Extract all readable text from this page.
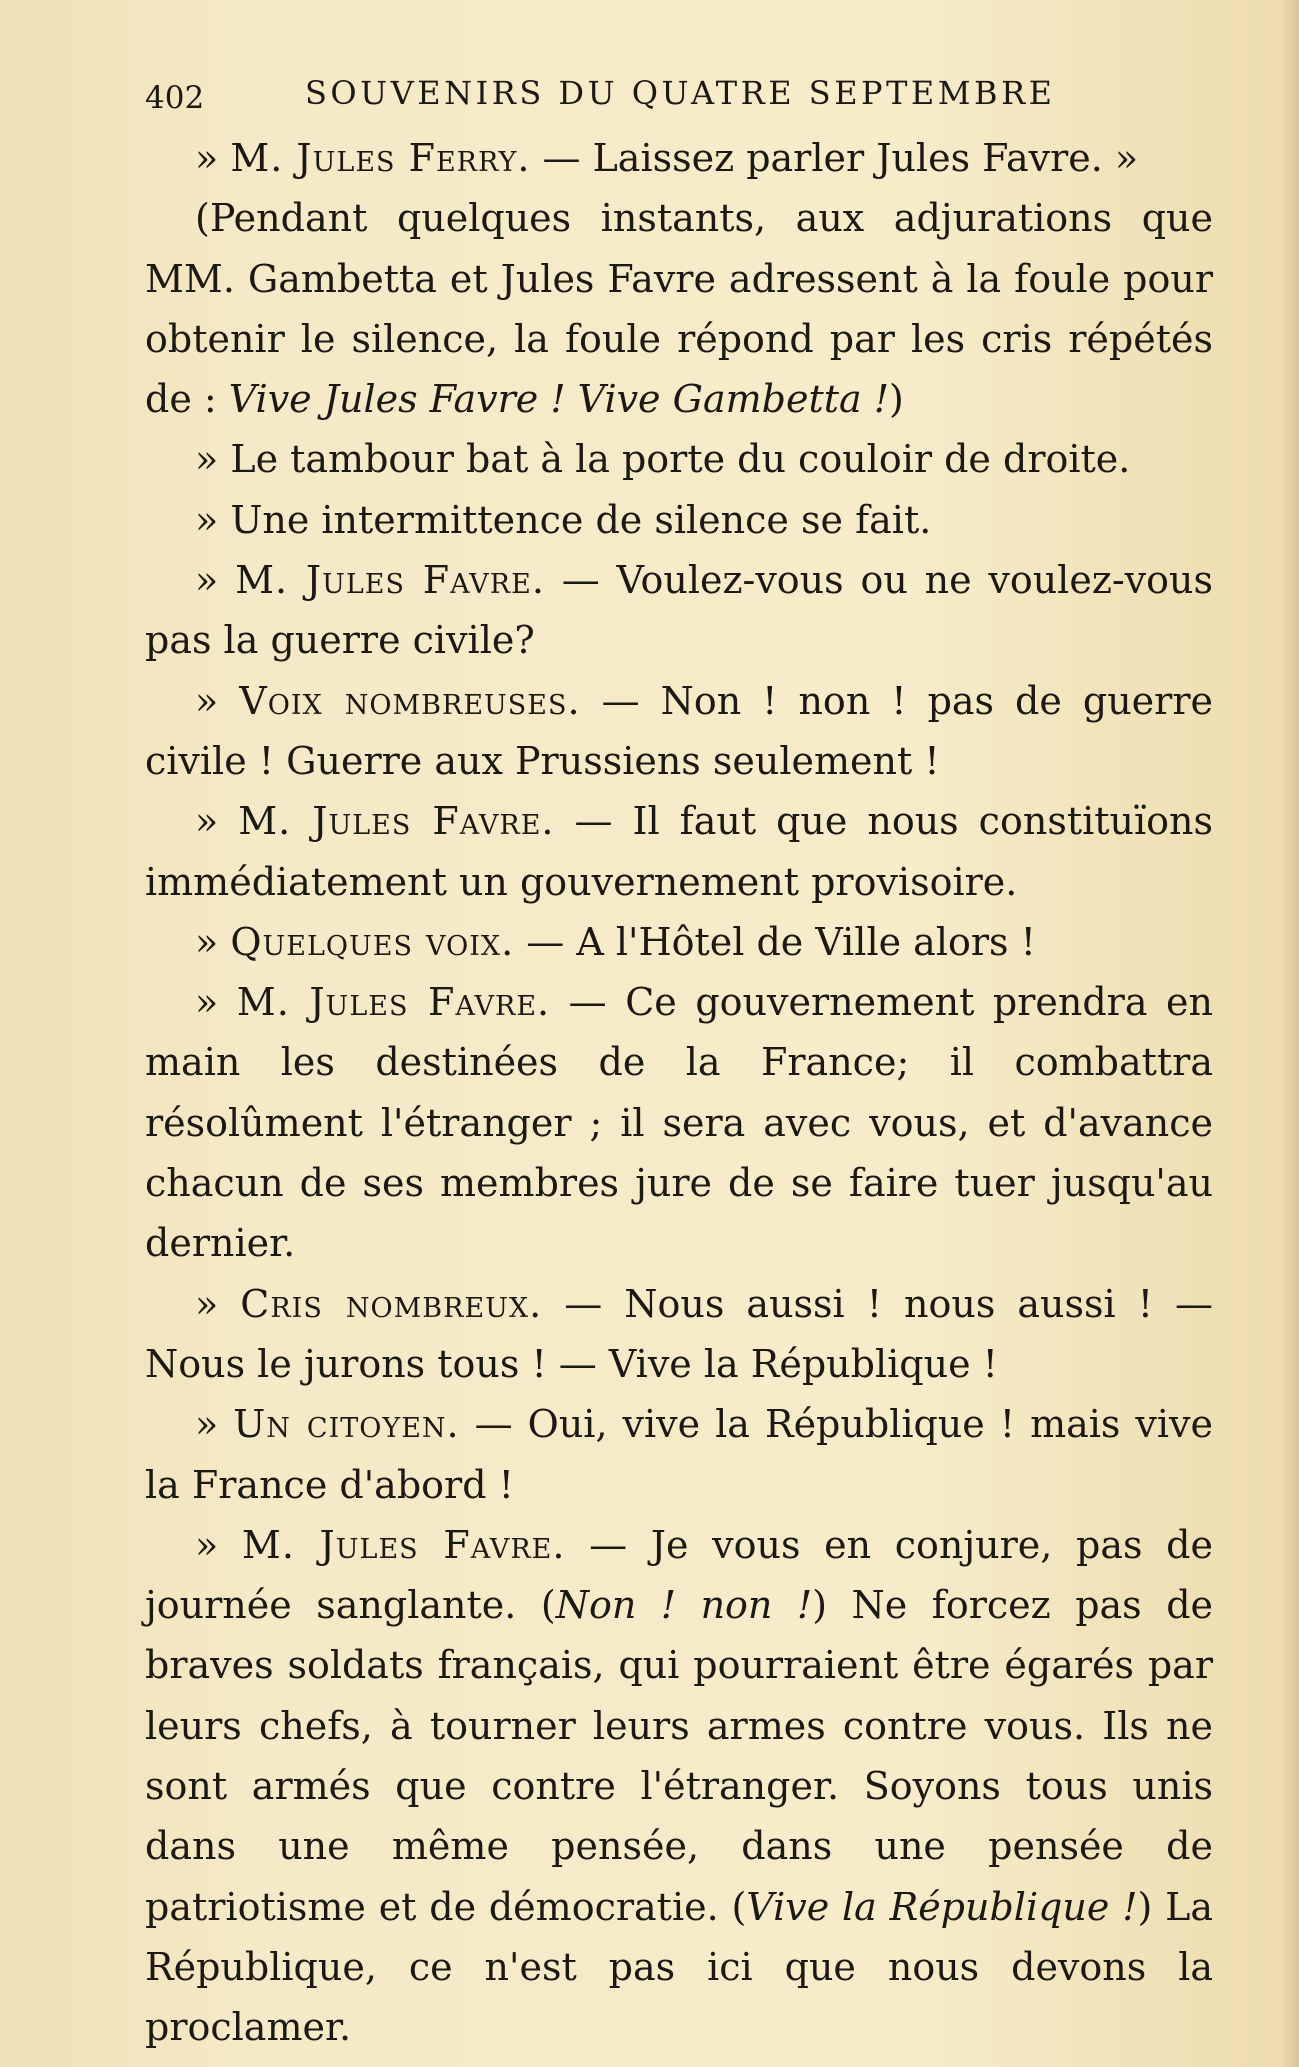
402	SOUVENIRS DU QUATRE SEPTEMBRE

» M. Jules Ferry. — Laissez parler Jules Favre. »

(Pendant quelques instants, aux adjurations que MM. Gambetta et Jules Favre adressent à la foule pour obtenir le silence, la foule répond par les cris répétés de : Vive Jules Favre ! Vive Gambetta !)

» Le tambour bat à la porte du couloir de droite.

» Une intermittence de silence se fait.

» M. Jules Favre. — Voulez-vous ou ne voulez-vous pas la guerre civile?

» Voix nombreuses. — Non ! non ! pas de guerre civile ! Guerre aux Prussiens seulement !

» M. Jules Favre. — Il faut que nous constituïons immédiatement un gouvernement provisoire.

» Quelques voix. — A l'Hôtel de Ville alors !

» M. Jules Favre. — Ce gouvernement prendra en main les destinées de la France; il combattra résolûment l'étranger ; il sera avec vous, et d'avance chacun de ses membres jure de se faire tuer jusqu'au dernier.

» Cris nombreux. — Nous aussi ! nous aussi ! — Nous le jurons tous ! — Vive la République !

» Un citoyen. — Oui, vive la République ! mais vive la France d'abord !

» M. Jules Favre. — Je vous en conjure, pas de journée sanglante. (Non ! non !) Ne forcez pas de braves soldats français, qui pourraient être égarés par leurs chefs, à tourner leurs armes contre vous. Ils ne sont armés que contre l'étranger. Soyons tous unis dans une même pensée, dans une pensée de patriotisme et de démocratie. (Vive la République !) La République, ce n'est pas ici que nous devons la proclamer.
